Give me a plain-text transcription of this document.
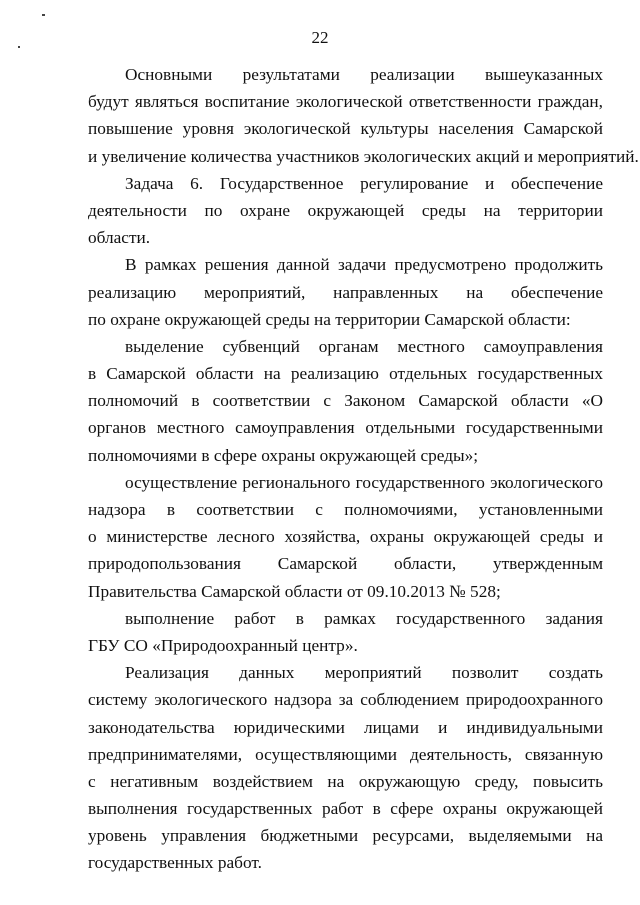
22
Основными результатами реализации вышеуказанных
будут являться воспитание экологической ответственности граждан,
повышение уровня экологической культуры населения Самарской
и увеличение количества участников экологических акций и мероприятий.
Задача 6. Государственное регулирование и обеспечение
деятельности по охране окружающей среды на территории
области.
В рамках решения данной задачи предусмотрено продолжить
реализацию мероприятий, направленных на обеспечение
по охране окружающей среды на территории Самарской области:
выделение субвенций органам местного самоуправления
в Самарской области на реализацию отдельных государственных
полномочий в соответствии с Законом Самарской области «О
органов местного самоуправления отдельными государственными
полномочиями в сфере охраны окружающей среды»;
осуществление регионального государственного экологического
надзора в соответствии с полномочиями, установленными
о министерстве лесного хозяйства, охраны окружающей среды и
природопользования Самарской области, утвержденным
Правительства Самарской области от 09.10.2013 № 528;
выполнение работ в рамках государственного задания
ГБУ СО «Природоохранный центр».
Реализация данных мероприятий позволит создать
систему экологического надзора за соблюдением природоохранного
законодательства юридическими лицами и индивидуальными
предпринимателями, осуществляющими деятельность, связанную
с негативным воздействием на окружающую среду, повысить
выполнения государственных работ в сфере охраны окружающей
уровень управления бюджетными ресурсами, выделяемыми на
государственных работ.
